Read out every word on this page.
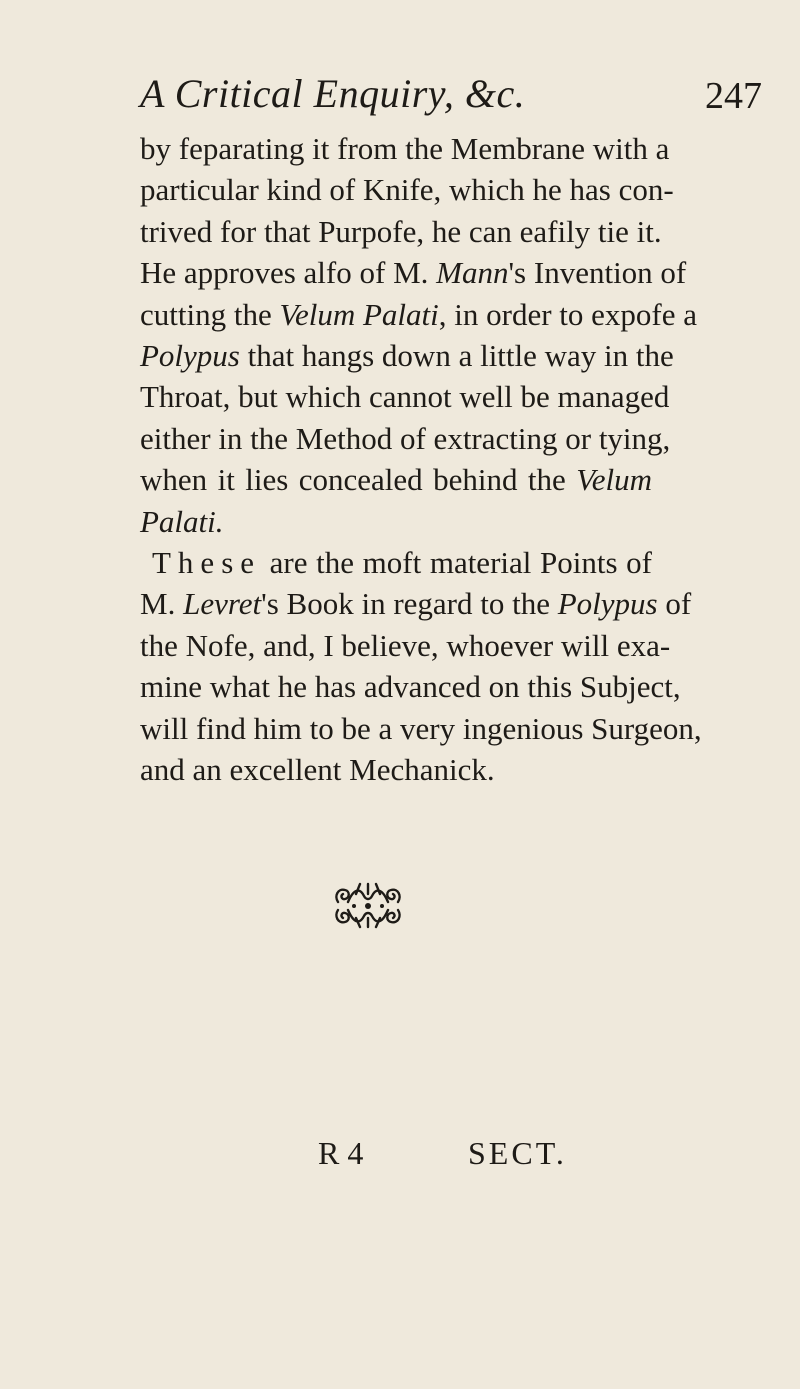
A Critical Enquiry, &c.	247
by feparating it from the Membrane with a
particular kind of Knife, which he has con-
trived for that Purpofe, he can eafily tie it.
He approves alfo of M. Mann's Invention of
cutting the Velum Palati, in order to expofe a
Polypus that hangs down a little way in the
Throat, but which cannot well be managed
either in the Method of extracting or tying,
when it lies concealed behind the Velum
Palati.
These are the moft material Points of
M. Levret's Book in regard to the Polypus of
the Nofe, and, I believe, whoever will exa-
mine what he has advanced on this Subject,
will find him to be a very ingenious Surgeon,
and an excellent Mechanick.
R 4	SECT.
